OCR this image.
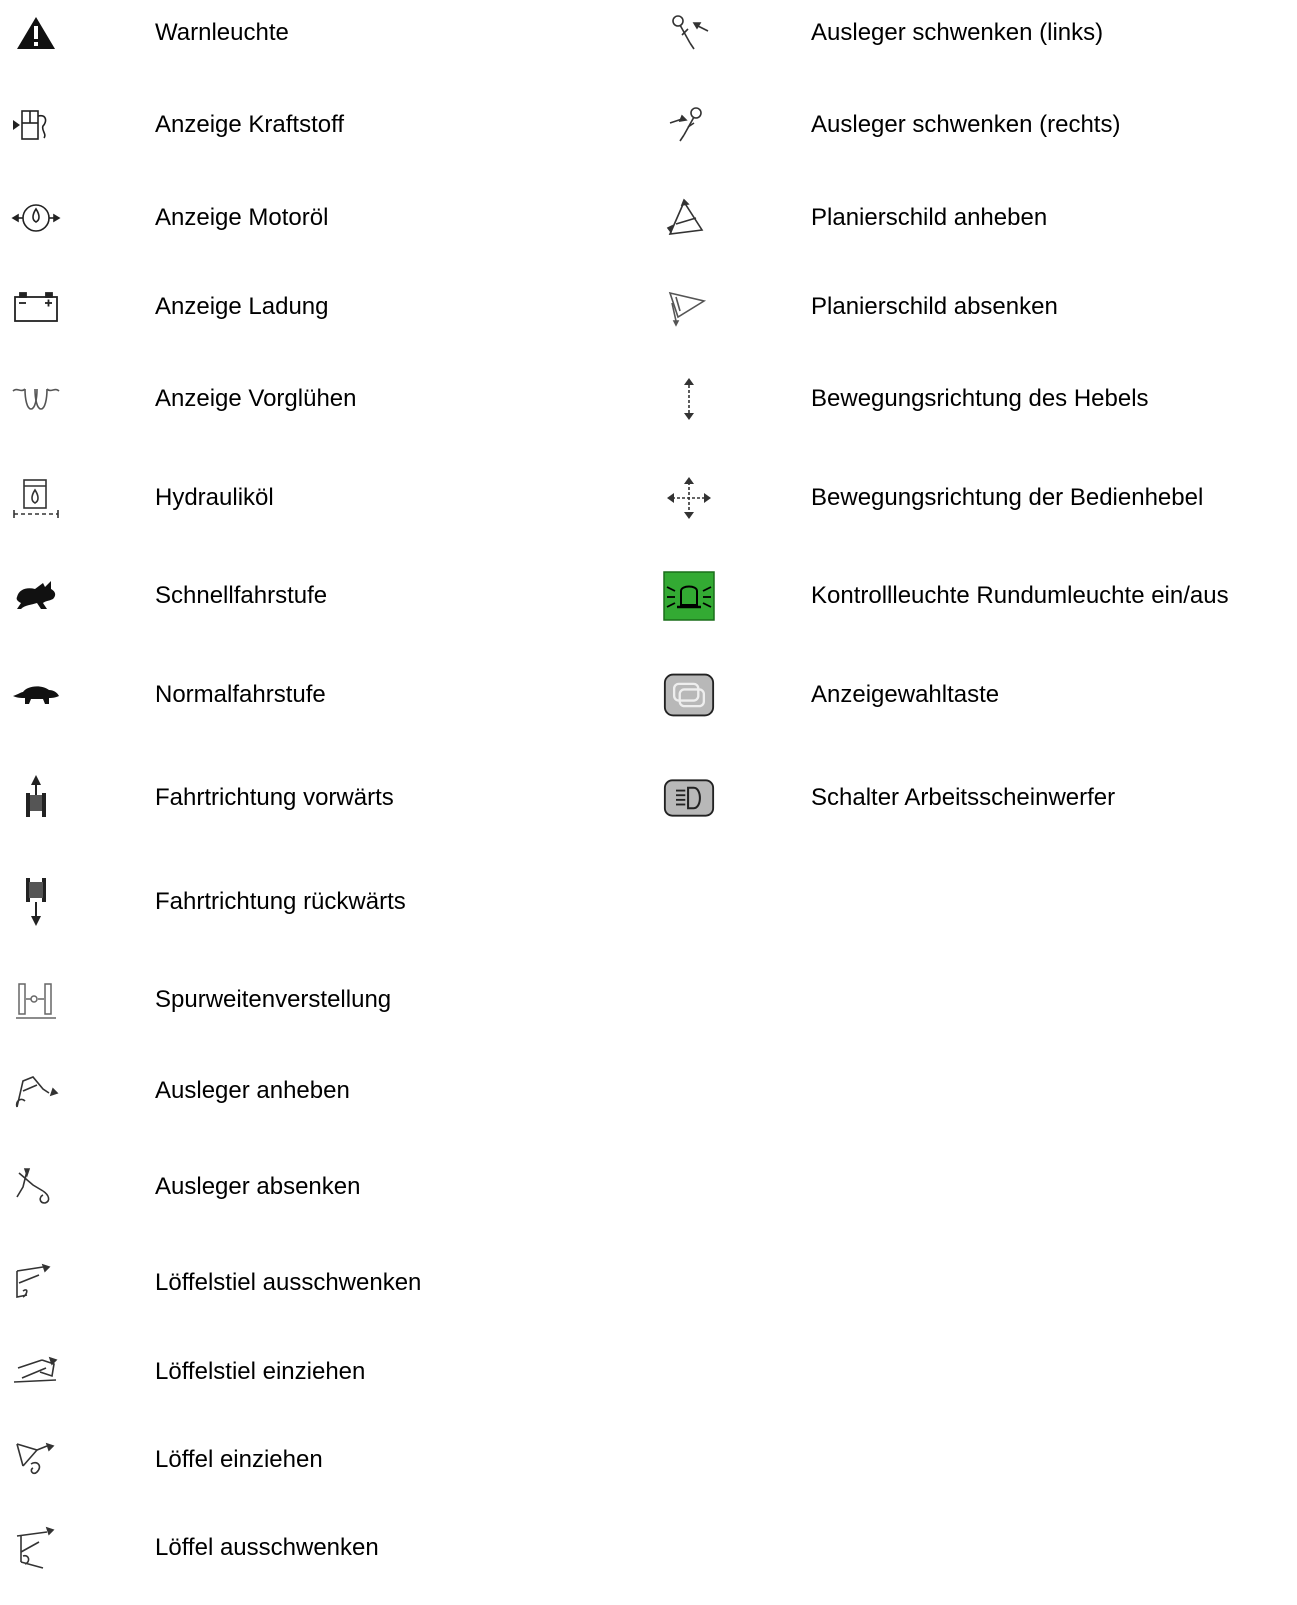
Warnleuchte
Anzeige Kraftstoff
Anzeige Motoröl
Anzeige Ladung
Anzeige Vorglühen
Hydrauliköl
Schnellfahrstufe
Normalfahrstufe
Fahrtrichtung vorwärts
Fahrtrichtung rückwärts
Spurweitenverstellung
Ausleger anheben
Ausleger absenken
Löffelstiel ausschwenken
Löffelstiel einziehen
Löffel einziehen
Löffel ausschwenken
Ausleger schwenken (links)
Ausleger schwenken (rechts)
Planierschild anheben
Planierschild absenken
Bewegungsrichtung des Hebels
Bewegungsrichtung der Bedienhebel
Kontrollleuchte Rundumleuchte ein/aus
Anzeigewahltaste
Schalter Arbeitsscheinwerfer
